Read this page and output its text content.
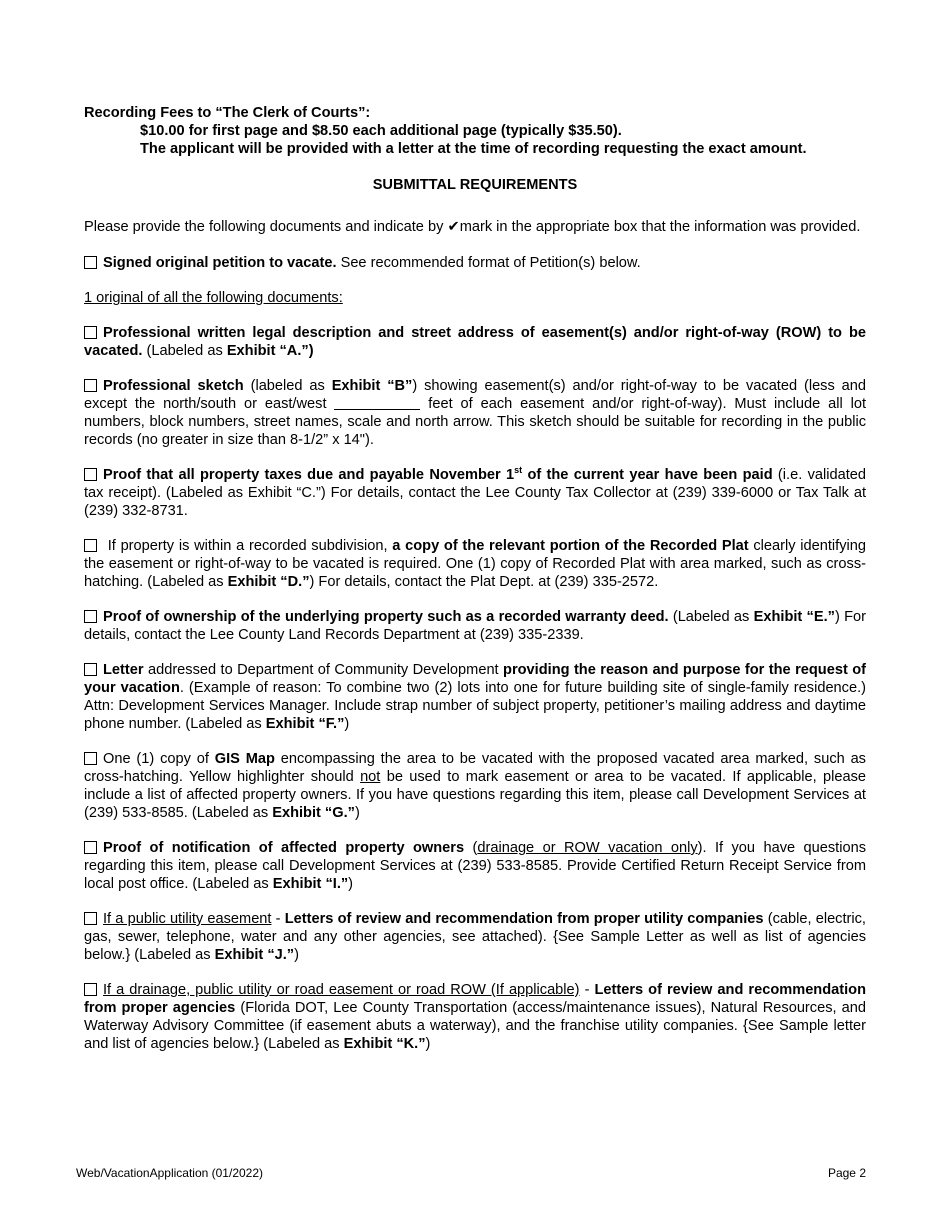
Recording Fees to “The Clerk of Courts”:
$10.00 for first page and $8.50 each additional page (typically $35.50).
The applicant will be provided with a letter at the time of recording requesting the exact amount.
SUBMITTAL REQUIREMENTS
Please provide the following documents and indicate by ✔mark in the appropriate box that the information was provided.
Signed original petition to vacate. See recommended format of Petition(s) below.
1 original of all the following documents:
Professional written legal description and street address of easement(s) and/or right-of-way (ROW) to be vacated. (Labeled as Exhibit “A.”)
Professional sketch (labeled as Exhibit “B”) showing easement(s) and/or right-of-way to be vacated (less and except the north/south or east/west	feet of each easement and/or right-of-way). Must include all lot numbers, block numbers, street names, scale and north arrow. This sketch should be suitable for recording in the public records (no greater in size than 8-1/2” x 14").
Proof that all property taxes due and payable November 1st of the current year have been paid (i.e. validated tax receipt). (Labeled as Exhibit “C.”) For details, contact the Lee County Tax Collector at (239) 339-6000 or Tax Talk at (239) 332-8731.
If property is within a recorded subdivision, a copy of the relevant portion of the Recorded Plat clearly identifying the easement or right-of-way to be vacated is required. One (1) copy of Recorded Plat with area marked, such as cross-hatching. (Labeled as Exhibit “D.”) For details, contact the Plat Dept. at (239) 335-2572.
Proof of ownership of the underlying property such as a recorded warranty deed. (Labeled as Exhibit “E.”) For details, contact the Lee County Land Records Department at (239) 335-2339.
Letter addressed to Department of Community Development providing the reason and purpose for the request of your vacation. (Example of reason: To combine two (2) lots into one for future building site of single-family residence.) Attn: Development Services Manager. Include strap number of subject property, petitioner’s mailing address and daytime phone number. (Labeled as Exhibit “F.”)
One (1) copy of GIS Map encompassing the area to be vacated with the proposed vacated area marked, such as cross-hatching. Yellow highlighter should not be used to mark easement or area to be vacated. If applicable, please include a list of affected property owners. If you have questions regarding this item, please call Development Services at (239) 533-8585. (Labeled as Exhibit “G.”)
Proof of notification of affected property owners (drainage or ROW vacation only). If you have questions regarding this item, please call Development Services at (239) 533-8585. Provide Certified Return Receipt Service from local post office. (Labeled as Exhibit “I.”)
If a public utility easement - Letters of review and recommendation from proper utility companies (cable, electric, gas, sewer, telephone, water and any other agencies, see attached). {See Sample Letter as well as list of agencies below.} (Labeled as Exhibit “J.”)
If a drainage, public utility or road easement or road ROW (If applicable) - Letters of review and recommendation from proper agencies (Florida DOT, Lee County Transportation (access/maintenance issues), Natural Resources, and Waterway Advisory Committee (if easement abuts a waterway), and the franchise utility companies. {See Sample letter and list of agencies below.} (Labeled as Exhibit “K.”)
Web/VacationApplication (01/2022)	Page 2
